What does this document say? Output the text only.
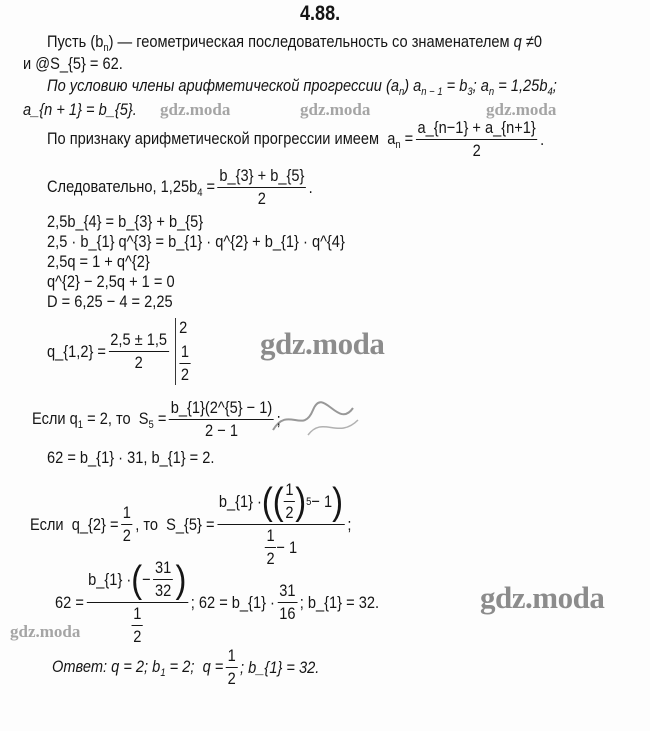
4.88.
Пусть $(b_n)$ — геометрическая последовательность со знаменателем q ≠0
и @S_{5} = 62.
По условию члены арифметической прогрессии $(a_n) a_{n - 1} = b_3$; $a_n = 1,25b_4$;
a_{n + 1} = b_{5}.
По признаку арифметической прогрессии имеем  $a_n = \frac{a\_\{n-1\} + a\_\{n+1\}}{2}$ .
Следовательно, $1,25b_4 = \frac{b\_\{3\} + b\_\{5\}}{2}$ .
2,5b_{4} = b_{3} + b_{5}
2,5 · b_{1} q^{3} = b_{1} · q^{2} + b_{1} · q^{4}
2,5q = 1 + q^{2}
q^{2} − 2,5q + 1 = 0
D = 6,25 − 4 = 2,25
q_{1,2} = $\frac{2,5 \pm 1,5}{2}$
2
1
2
Если $q_1 = 2$, то  $S_5 = \frac{b\_\{1\}(2\^{}\{5\} - 1)}{2 - 1}$ ;
62 = b_{1} · 31, b_{1} = 2.
Если  q_{2} = $\frac{1}{2}$ , то  S_{5} = b_{1} · ( ( 1
2 ) 5 − 1 )
1
2
− 1 ;
62 = b_{1} · ( − $\frac{31}{32}$ )
1
2 ; 62 = b_{1} ·
31
16
; b_{1} = 32.
Ответ: q = 2; $b_1 = 2$;  $q = \frac{1}{2}$ ; b_{1} = 32.
gdz.moda	gdz.moda	gdz.moda
gdz.moda
gdz.moda
gdz.moda
